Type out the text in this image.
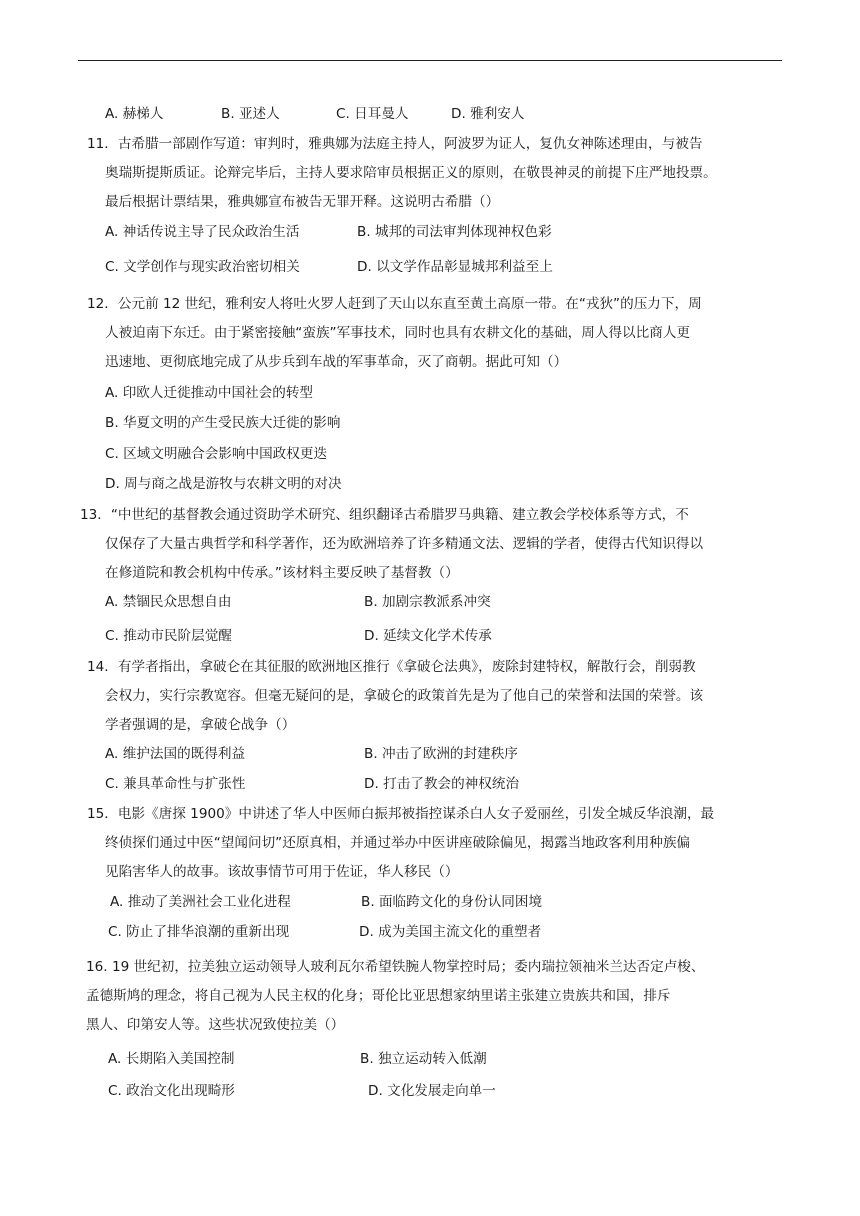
A. 赫梯人	B. 亚述人	C. 日耳曼人	D. 雅利安人
11．古希腊一部剧作写道：审判时，雅典娜为法庭主持人，阿波罗为证人，复仇女神陈述理由，与被告
奥瑞斯提斯质证。论辩完毕后，主持人要求陪审员根据正义的原则，在敬畏神灵的前提下庄严地投票。
最后根据计票结果，雅典娜宣布被告无罪开释。这说明古希腊（）
A. 神话传说主导了民众政治生活	B. 城邦的司法审判体现神权色彩
C. 文学创作与现实政治密切相关	D. 以文学作品彰显城邦利益至上
12．公元前 12 世纪，雅利安人将吐火罗人赶到了天山以东直至黄土高原一带。在“戎狄”的压力下，周
人被迫南下东迁。由于紧密接触“蛮族”军事技术，同时也具有农耕文化的基础，周人得以比商人更
迅速地、更彻底地完成了从步兵到车战的军事革命，灭了商朝。据此可知（）
A. 印欧人迁徙推动中国社会的转型
B. 华夏文明的产生受民族大迁徙的影响
C. 区域文明融合会影响中国政权更迭
D. 周与商之战是游牧与农耕文明的对决
13．“中世纪的基督教会通过资助学术研究、组织翻译古希腊罗马典籍、建立教会学校体系等方式，不
仅保存了大量古典哲学和科学著作，还为欧洲培养了许多精通文法、逻辑的学者，使得古代知识得以
在修道院和教会机构中传承。”该材料主要反映了基督教（）
A. 禁锢民众思想自由	B. 加剧宗教派系冲突
C. 推动市民阶层觉醒	D. 延续文化学术传承
14．有学者指出，拿破仑在其征服的欧洲地区推行《拿破仑法典》，废除封建特权，解散行会，削弱教
会权力，实行宗教宽容。但毫无疑问的是，拿破仑的政策首先是为了他自己的荣誉和法国的荣誉。该
学者强调的是，拿破仑战争（）
A. 维护法国的既得利益	B. 冲击了欧洲的封建秩序
C. 兼具革命性与扩张性	D. 打击了教会的神权统治
15．电影《唐探 1900》中讲述了华人中医师白振邦被指控谋杀白人女子爱丽丝，引发全城反华浪潮，最
终侦探们通过中医“望闻问切”还原真相，并通过举办中医讲座破除偏见，揭露当地政客利用种族偏
见陷害华人的故事。该故事情节可用于佐证，华人移民（）
A. 推动了美洲社会工业化进程	B. 面临跨文化的身份认同困境
C. 防止了排华浪潮的重新出现	D. 成为美国主流文化的重塑者
16. 19 世纪初，拉美独立运动领导人玻利瓦尔希望铁腕人物掌控时局；委内瑞拉领袖米兰达否定卢梭、
孟德斯鸠的理念，将自己视为人民主权的化身；哥伦比亚思想家纳里诺主张建立贵族共和国，排斥
黑人、印第安人等。这些状况致使拉美（）
A. 长期陷入美国控制	B. 独立运动转入低潮
C. 政治文化出现畸形	D. 文化发展走向单一
